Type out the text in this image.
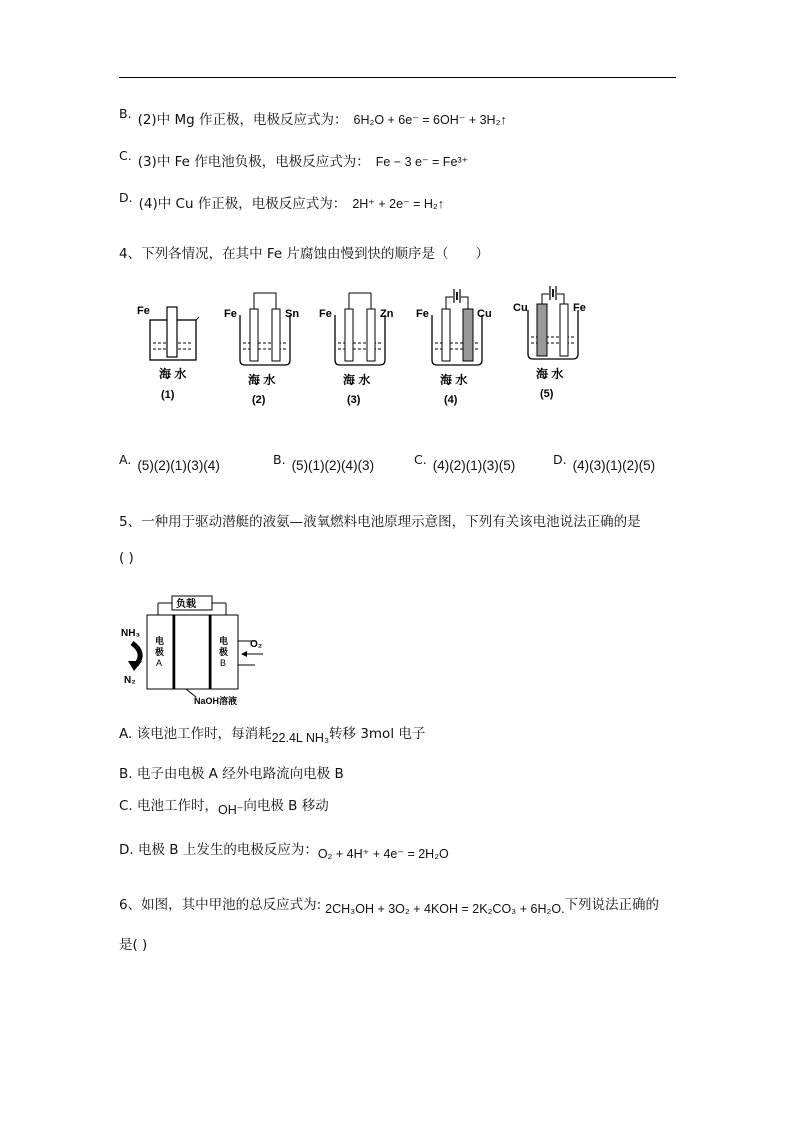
B. (2)中 Mg 作正极，电极反应式为： 6H₂O + 6e⁻ = 6OH⁻ + 3H₂↑
C. (3)中 Fe 作电池负极，电极反应式为： Fe − 3 e⁻ = Fe³⁺
D. (4)中 Cu 作正极，电极反应式为： 2H⁺ + 2e⁻ = H₂↑
4、下列各情况，在其中 Fe 片腐蚀由慢到快的顺序是（　　）
Fe
海 水
(1)
Fe	Sn
海 水
(2)
Fe	Zn
海 水
(3)
Fe	Cu
海 水
(4)
Cu	Fe
海 水
(5)
A. (5)(2)(1)(3)(4)	B. (5)(1)(2)(4)(3)	C. (4)(2)(1)(3)(5)	D. (4)(3)(1)(2)(5)
5、一种用于驱动潜艇的液氨—液氧燃料电池原理示意图，下列有关该电池说法正确的是
( )
负载
电
极
A
电
极
B
NH₃
N₂
O₂
NaOH溶液
A. 该电池工作时，每消耗22.4L NH₃转移 3mol 电子
B. 电子由电极 A 经外电路流向电极 B
C. 电池工作时，OH⁻向电极 B 移动
D. 电极 B 上发生的电极反应为：O₂ + 4H⁺ + 4e⁻ = 2H₂O
6、如图，其中甲池的总反应式为: 2CH₃OH + 3O₂ + 4KOH = 2K₂CO₃ + 6H₂O.下列说法正确的
是( )
